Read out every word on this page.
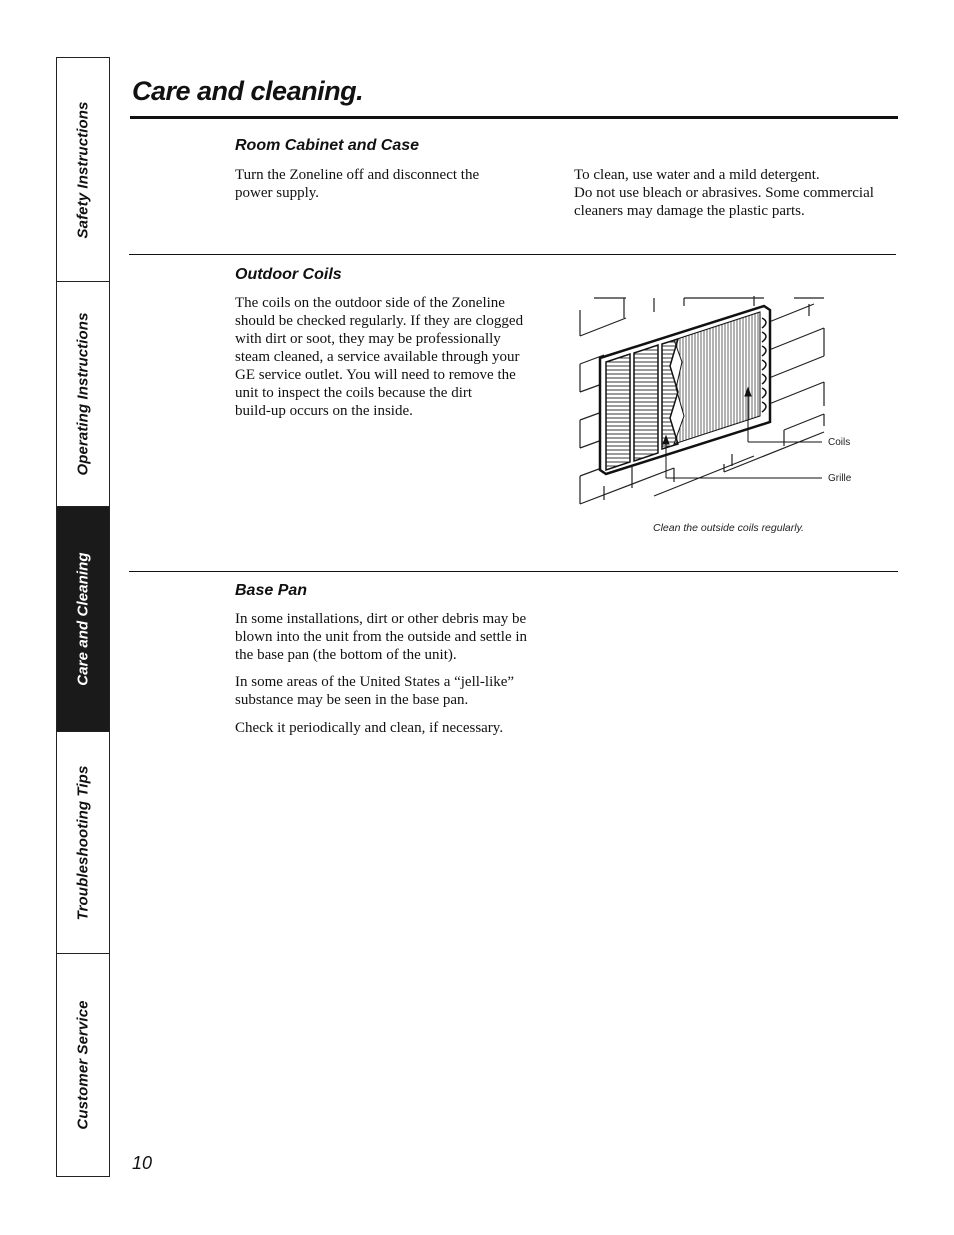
Safety Instructions
Operating Instructions
Care and Cleaning
Troubleshooting Tips
Customer Service
Care and cleaning.
Room Cabinet and Case

Turn the Zoneline off and disconnect the
power supply.

To clean, use water and a mild detergent.
Do not use bleach or abrasives. Some commercial
cleaners may damage the plastic parts.

Outdoor Coils

The coils on the outdoor side of the Zoneline
should be checked regularly. If they are clogged
with dirt or soot, they may be professionally
steam cleaned, a service available through your
GE service outlet. You will need to remove the
unit to inspect the coils because the dirt
build-up occurs on the inside.

Coils
Grille
Clean the outside coils regularly.
Base Pan

In some installations, dirt or other debris may be
blown into the unit from the outside and settle in
the base pan (the bottom of the unit).

In some areas of the United States a “jell-like”
substance may be seen in the base pan.

Check it periodically and clean, if necessary.

10
